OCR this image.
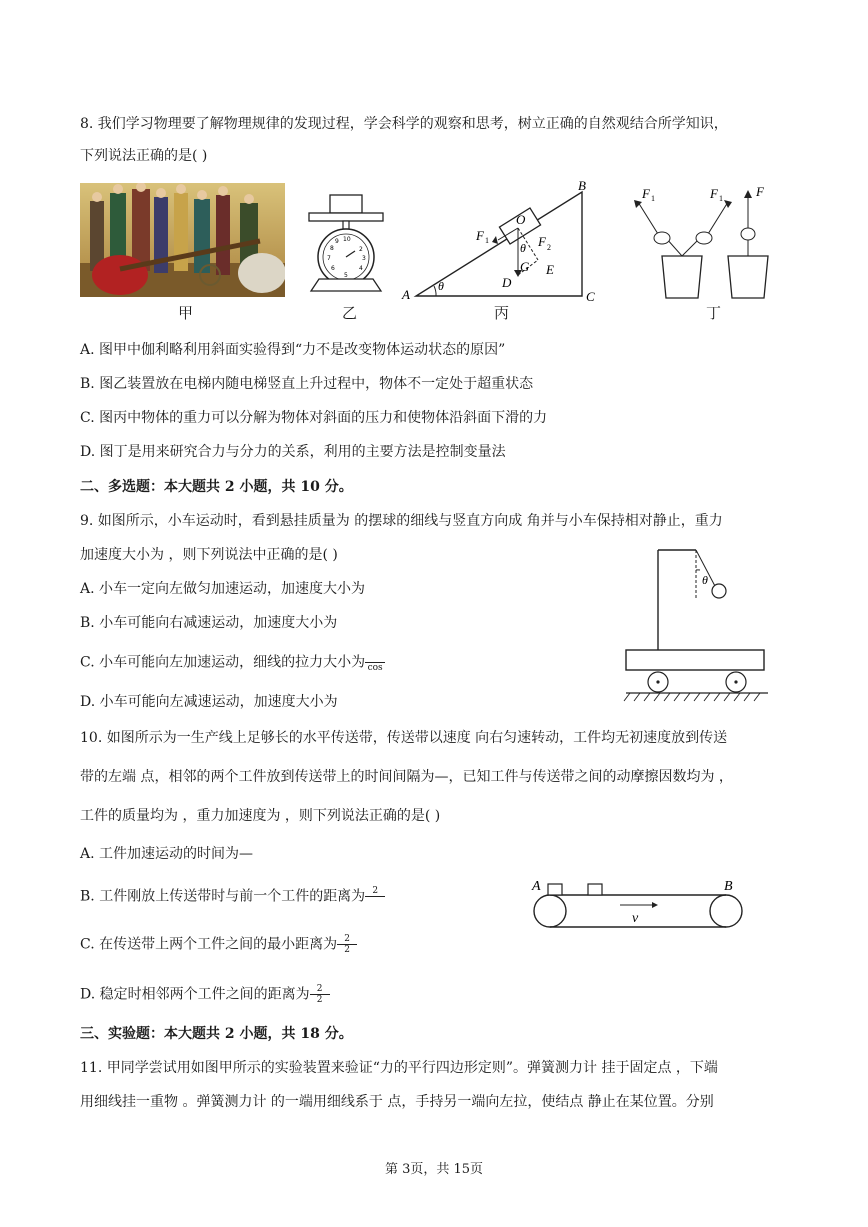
8. 我们学习物理要了解物理规律的发现过程，学会科学的观察和思考，树立正确的自然观结合所学知识，
下列说法正确的是( )
10
2
3
4
5
6
7
8
9
B
A	C
θ
O
F 1	F 2
θ
G E
D
F 1	F 1	F
甲	乙	丙	丁
A. 图甲中伽利略利用斜面实验得到“力不是改变物体运动状态的原因”
B. 图乙装置放在电梯内随电梯竖直上升过程中，物体不一定处于超重状态
C. 图丙中物体的重力可以分解为物体对斜面的压力和使物体沿斜面下滑的力
D. 图丁是用来研究合力与分力的关系，利用的主要方法是控制变量法
二、多选题：本大题共 2 小题，共 10 分。
9. 如图所示，小车运动时，看到悬挂质量为 的摆球的细线与竖直方向成 角并与小车保持相对静止，重力
加速度大小为 ，则下列说法中正确的是( )
A. 小车一定向左做匀加速运动，加速度大小为
B. 小车可能向右减速运动，加速度大小为
C. 小车可能向左加速运动，细线的拉力大小为 cos
D. 小车可能向左减速运动，加速度大小为
θ
10. 如图所示为一生产线上足够长的水平传送带，传送带以速度 向右匀速转动，工件均无初速度放到传送
带的左端 点，相邻的两个工件放到传送带上的时间间隔为—，已知工件与传送带之间的动摩擦因数均为 ，
工件的质量均为 ，重力加速度为 ，则下列说法正确的是( )
A. 工件加速运动的时间为—
B. 工件刚放上传送带时与前一个工件的距离为 2
C. 在传送带上两个工件之间的最小距离为 $\frac{2}{2}$
D. 稳定时相邻两个工件之间的距离为 $\frac{2}{2}$
A	B
v
三、实验题：本大题共 2 小题，共 18 分。
11. 甲同学尝试用如图甲所示的实验装置来验证“力的平行四边形定则”。弹簧测力计 挂于固定点 ，下端
用细线挂一重物 。弹簧测力计 的一端用细线系于 点，手持另一端向左拉，使结点 静止在某位置。分别
第 3页，共 15页
